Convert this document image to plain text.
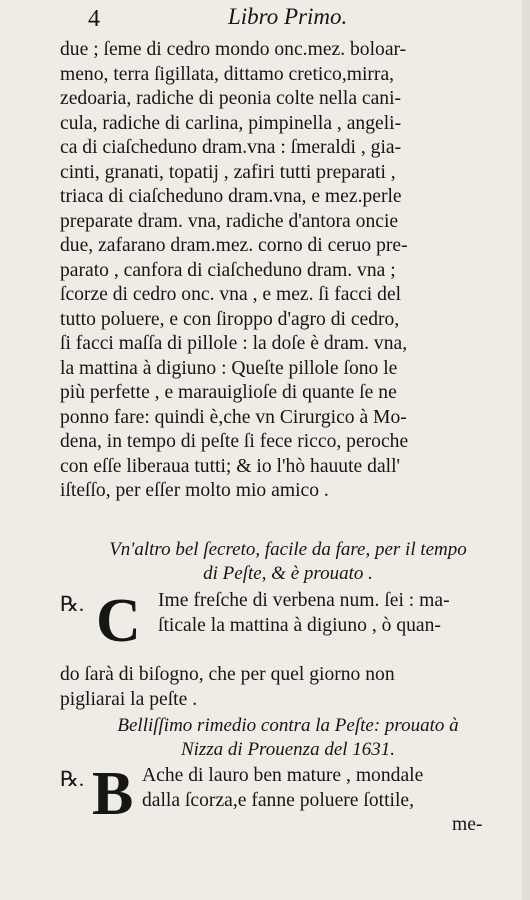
4	Libro Primo.
due ; ſeme di cedro mondo onc.mez. boloar-
meno, terra ſigillata, dittamo cretico,mirra,
zedoaria, radiche di peonia colte nella cani-
cula, radiche di carlina, pimpinella , angeli-
ca di ciaſcheduno dram.vna : ſmeraldi , gia-
cinti, granati, topatij , zafiri tutti preparati ,
triaca di ciaſcheduno dram.vna, e mez.perle
preparate dram. vna, radiche d'antora oncie
due, zafarano dram.mez. corno di ceruo pre-
parato , canfora di ciaſcheduno dram. vna ;
ſcorze di cedro onc. vna , e mez. ſi facci del
tutto poluere, e con ſiroppo d'agro di cedro,
ſi facci maſſa di pillole : la doſe è dram. vna,
la mattina à digiuno : Queſte pillole ſono le
più perfette , e marauiglioſe di quante ſe ne
ponno fare: quindi è,che vn Cirurgico à Mo-
dena, in tempo di peſte ſi fece ricco, peroche
con eſſe liberaua tutti; & io l'hò hauute dall'
iſteſſo, per eſſer molto mio amico .
Vn'altro bel ſecreto, facile da fare, per il tempo
di Peſte, & è prouato .
℞. C Ime freſche di verbena num. ſei : ma-
ſticale la mattina à digiuno , ò quan-
do ſarà di biſogno, che per quel giorno non
pigliarai la peſte .
Belliſſimo rimedio contra la Peſte: prouato à
Nizza di Prouenza del 1631.
℞. B Ache di lauro ben mature , mondale
dalla ſcorza,e fanne poluere ſottile,
me-
